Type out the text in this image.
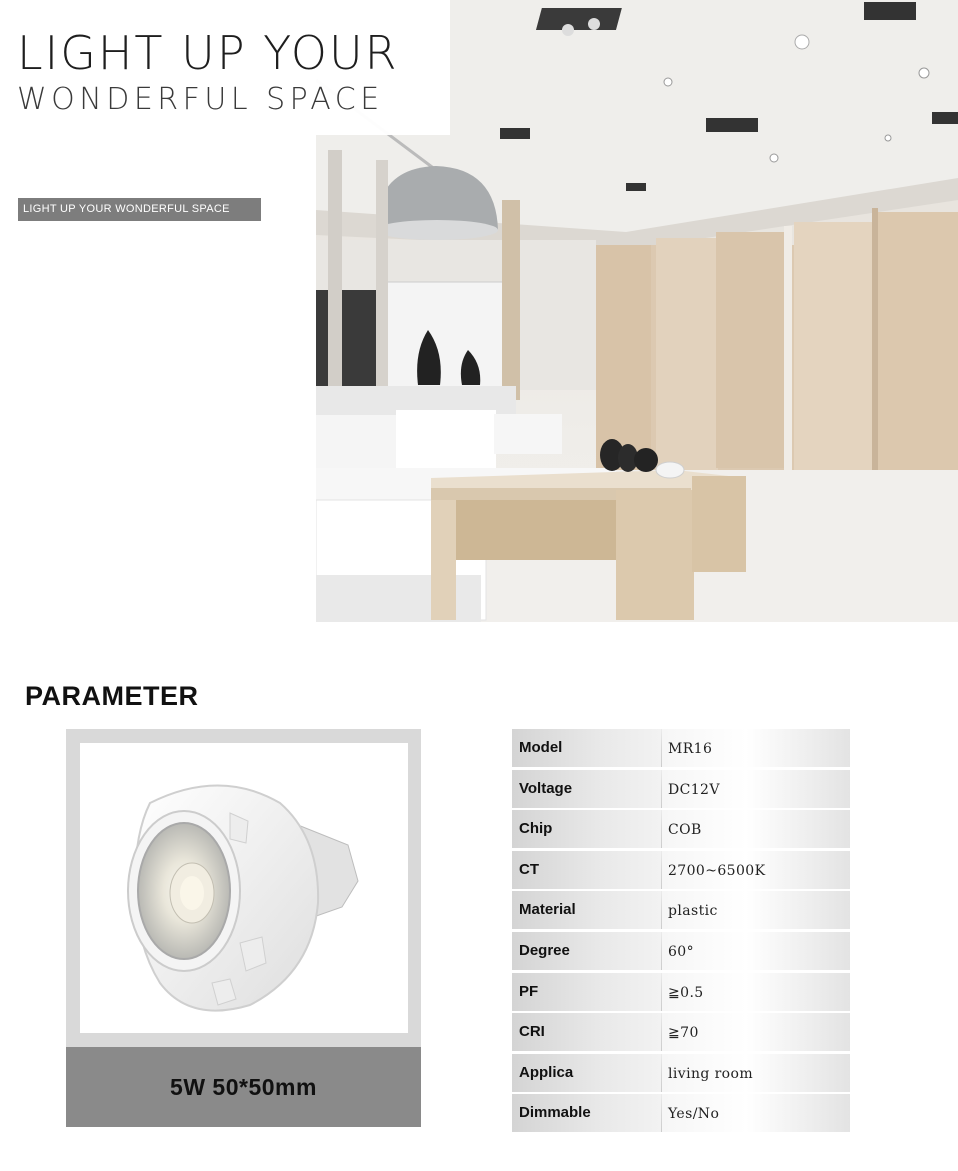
LIGHT UP YOUR
WONDERFUL SPACE
LIGHT UP YOUR WONDERFUL SPACE
PARAMETER
5W 50*50mm
Model	MR16
Voltage	DC12V
Chip	COB
CT	2700~6500K
Material	plastic
Degree	60°
PF	≧0.5
CRI	≧70
Applica	living room
Dimmable	Yes/No
